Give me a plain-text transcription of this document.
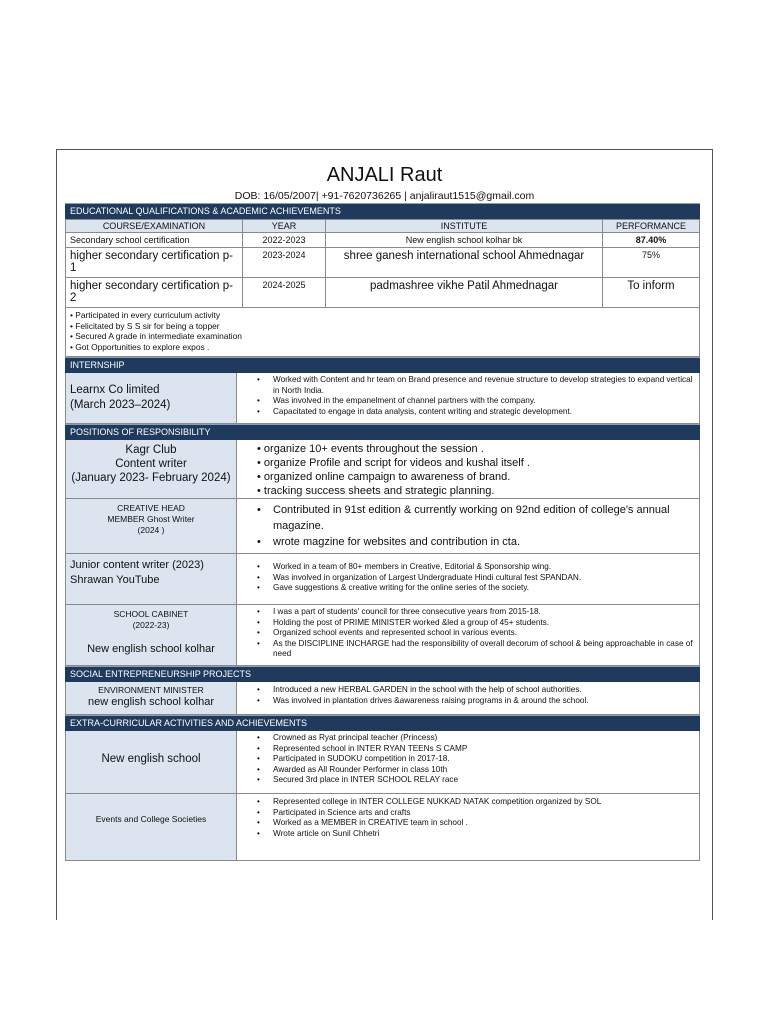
ANJALI Raut
DOB: 16/05/2007| +91-7620736265 | anjaliraut1515@gmail.com
EDUCATIONAL QUALIFICATIONS & ACADEMIC ACHIEVEMENTS
COURSE/EXAMINATION	YEAR	INSTITUTE	PERFORMANCE
Secondary school certification	2022-2023	New english school kolhar bk	87.40%
higher secondary certification p-1	2023-2024	shree ganesh international school Ahmednagar	75%
higher secondary certification p-2	2024-2025	padmashree vikhe Patil Ahmednagar	To inform

• Participated in every curriculum activity
• Felicitated by S S sir for being a topper
• Secured A grade in intermediate examination
• Got Opportunities to explore expos .			
INTERNSHIP
Learnx Co limited
(March 2023–2024)
• Worked with Content and hr team on Brand presence and revenue structure to develop strategies to expand vertical in North India.
• Was involved in the empanelment of channel partners with the company.
• Capacitated to engage in data analysis, content writing and strategic development.
POSITIONS OF RESPONSIBILITY
Kagr Club
Content writer
(January 2023- February 2024)
• organize 10+ events throughout the session .
• organize Profile and script for videos and kushal itself .
• organized online campaign to awareness of brand.
• tracking success sheets and strategic planning.
CREATIVE HEAD
MEMBER Ghost Writer
(2024 )
• Contributed in 91st edition & currently working on 92nd edition of college's annual magazine.
• wrote magzine for websites and contribution in cta.
Junior content writer (2023)
Shrawan YouTube
• Worked in a team of 80+ members in Creative, Editorial & Sponsorship wing.
• Was involved in organization of Largest Undergraduate Hindi cultural fest SPANDAN.
• Gave suggestions & creative writing for the online series of the society.
SCHOOL CABINET
(2022-23)
New english school kolhar
• I was a part of students' council for three consecutive years from 2015-18.
• Holding the post of PRIME MINISTER worked &led a group of 45+ students.
• Organized school events and represented school in various events.
• As the DISCIPLINE INCHARGE had the responsibility of overall decorum of school & being approachable in case of need
SOCIAL ENTREPRENEURSHIP PROJECTS
ENVIRONMENT MINISTER
new english school kolhar
• Introduced a new HERBAL GARDEN in the school with the help of school authorities.
• Was involved in plantation drives &awareness raising programs in & around the school.
EXTRA-CURRICULAR ACTIVITIES AND ACHIEVEMENTS
New english school
• Crowned as Ryat principal teacher (Princess)
• Represented school in INTER RYAN TEENs S CAMP
• Participated in SUDOKU competition in 2017-18.
• Awarded as All Rounder Performer in class 10th
• Secured 3rd place in INTER SCHOOL RELAY race
Events and College Societies
• Represented college in INTER COLLEGE NUKKAD NATAK competition organized by SOL
• Participated in Science arts and crafts
• Worked as a MEMBER in CREATIVE team in school .
• Wrote article on Sunil Chhetri
